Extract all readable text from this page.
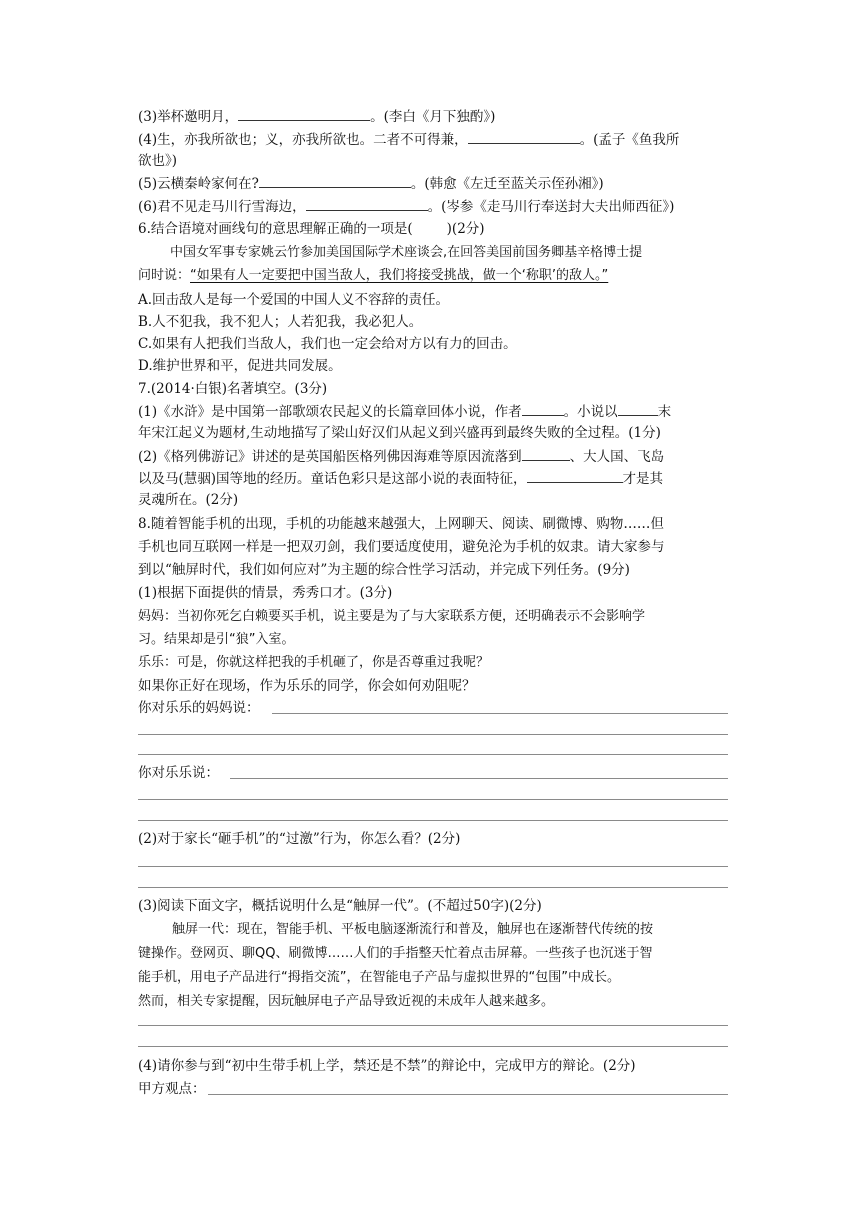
(3)举杯邀明月，	。(李白《月下独酌》)
(4)生，亦我所欲也；义，亦我所欲也。二者不可得兼，	。(孟子《鱼我所
欲也》)
(5)云横秦岭家何在?	。(韩愈《左迁至蓝关示侄孙湘》)
(6)君不见走马川行雪海边，	。(岑参《走马川行奉送封大夫出师西征》)
6.结合语境对画线句的意思理解正确的一项是(	)(2分)
中国女军事专家姚云竹参加美国国际学术座谈会,在回答美国前国务卿基辛格博士提
问时说：“如果有人一定要把中国当敌人，我们将接受挑战，做一个‘称职’的敌人。”
A.回击敌人是每一个爱国的中国人义不容辞的责任。
B.人不犯我，我不犯人；人若犯我，我必犯人。
C.如果有人把我们当敌人，我们也一定会给对方以有力的回击。
D.维护世界和平，促进共同发展。
7.(2014·白银)名著填空。(3分)
(1)《水浒》是中国第一部歌颂农民起义的长篇章回体小说，作者	。小说以	末
年宋江起义为题材,生动地描写了梁山好汉们从起义到兴盛再到最终失败的全过程。(1分)
(2)《格列佛游记》讲述的是英国船医格列佛因海难等原因流落到	、大人国、飞岛
以及马(慧骃)国等地的经历。童话色彩只是这部小说的表面特征，	才是其
灵魂所在。(2分)
8.随着智能手机的出现，手机的功能越来越强大，上网聊天、阅读、刷微博、购物……但
手机也同互联网一样是一把双刃剑，我们要适度使用，避免沦为手机的奴隶。请大家参与
到以“触屏时代，我们如何应对”为主题的综合性学习活动，并完成下列任务。(9分)
(1)根据下面提供的情景，秀秀口才。(3分)
妈妈：当初你死乞白赖要买手机，说主要是为了与大家联系方便，还明确表示不会影响学
习。结果却是引“狼”入室。
乐乐：可是，你就这样把我的手机砸了，你是否尊重过我呢？
如果你正好在现场，作为乐乐的同学，你会如何劝阻呢？
你对乐乐的妈妈说：
你对乐乐说：
(2)对于家长“砸手机”的“过激”行为，你怎么看？(2分)
(3)阅读下面文字，概括说明什么是“触屏一代”。(不超过50字)(2分)
触屏一代：现在，智能手机、平板电脑逐渐流行和普及，触屏也在逐渐替代传统的按
键操作。登网页、聊QQ、刷微博……人们的手指整天忙着点击屏幕。一些孩子也沉迷于智
能手机，用电子产品进行“拇指交流”，在智能电子产品与虚拟世界的“包围”中成长。
然而，相关专家提醒，因玩触屏电子产品导致近视的未成年人越来越多。
(4)请你参与到“初中生带手机上学，禁还是不禁”的辩论中，完成甲方的辩论。(2分)
甲方观点：
